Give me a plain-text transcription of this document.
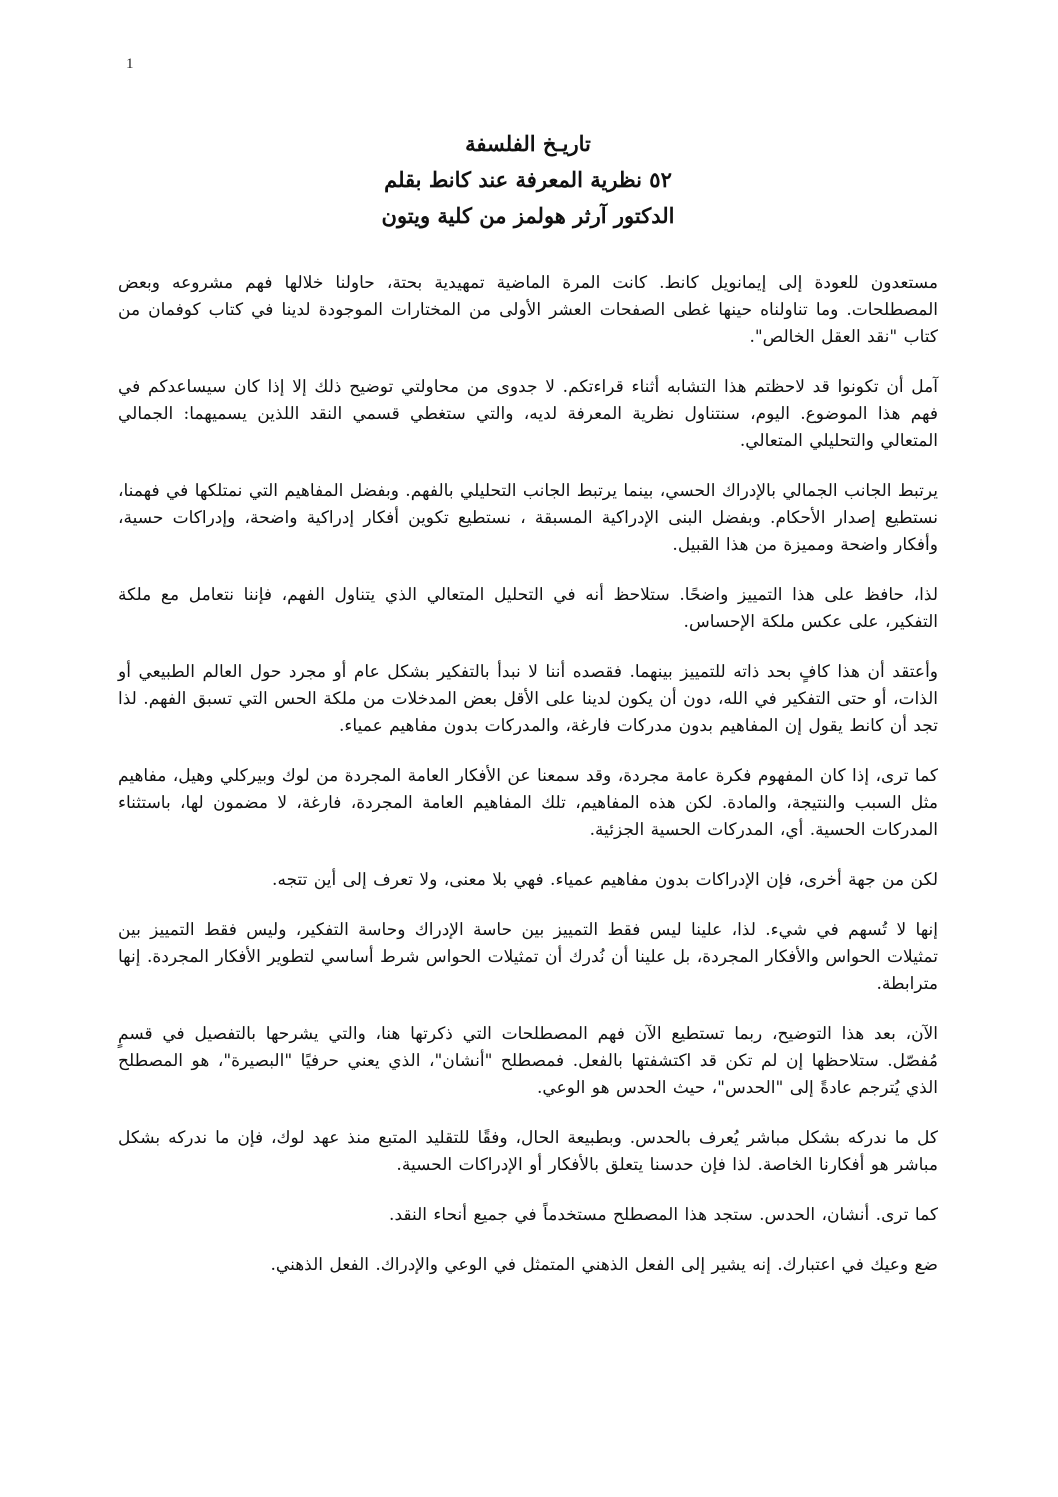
1
تاريـخ الفلسفة
٥٢ نظرية المعرفة عند كانط بقلم
الدكتور آرثر هولمز من كلية ويتون

مستعدون للعودة إلى إيمانويل كانط. كانت المرة الماضية تمهيدية بحتة، حاولنا خلالها فهم مشروعه وبعض المصطلحات. وما تناولناه حينها غطى الصفحات العشر الأولى من المختارات الموجودة لدينا في كتاب كوفمان من كتاب "نقد العقل الخالص".

آمل أن تكونوا قد لاحظتم هذا التشابه أثناء قراءتكم. لا جدوى من محاولتي توضيح ذلك إلا إذا كان سيساعدكم في فهم هذا الموضوع. اليوم، سنتناول نظرية المعرفة لديه، والتي ستغطي قسمي النقد اللذين يسميهما: الجمالي المتعالي والتحليلي المتعالي.

يرتبط الجانب الجمالي بالإدراك الحسي، بينما يرتبط الجانب التحليلي بالفهم. وبفضل المفاهيم التي نمتلكها في فهمنا، نستطيع إصدار الأحكام. وبفضل البنى الإدراكية المسبقة ، نستطيع تكوين أفكار إدراكية واضحة، وإدراكات حسية، وأفكار واضحة ومميزة من هذا القبيل.

لذا، حافظ على هذا التمييز واضحًا. ستلاحظ أنه في التحليل المتعالي الذي يتناول الفهم، فإننا نتعامل مع ملكة التفكير، على عكس ملكة الإحساس.

وأعتقد أن هذا كافٍ بحد ذاته للتمييز بينهما. فقصده أننا لا نبدأ بالتفكير بشكل عام أو مجرد حول العالم الطبيعي أو الذات، أو حتى التفكير في الله، دون أن يكون لدينا على الأقل بعض المدخلات من ملكة الحس التي تسبق الفهم. لذا تجد أن كانط يقول إن المفاهيم بدون مدركات فارغة، والمدركات بدون مفاهيم عمياء.

كما ترى، إذا كان المفهوم فكرة عامة مجردة، وقد سمعنا عن الأفكار العامة المجردة من لوك وبيركلي وهيل، مفاهيم مثل السبب والنتيجة، والمادة. لكن هذه المفاهيم، تلك المفاهيم العامة المجردة، فارغة، لا مضمون لها، باستثناء المدركات الحسية. أي، المدركات الحسية الجزئية.

لكن من جهة أخرى، فإن الإدراكات بدون مفاهيم عمياء. فهي بلا معنى، ولا تعرف إلى أين تتجه.

إنها لا تُسهم في شيء. لذا، علينا ليس فقط التمييز بين حاسة الإدراك وحاسة التفكير، وليس فقط التمييز بين تمثيلات الحواس والأفكار المجردة، بل علينا أن نُدرك أن تمثيلات الحواس شرط أساسي لتطوير الأفكار المجردة. إنها مترابطة.

الآن، بعد هذا التوضيح، ربما تستطيع الآن فهم المصطلحات التي ذكرتها هنا، والتي يشرحها بالتفصيل في قسمٍ مُفصّل. ستلاحظها إن لم تكن قد اكتشفتها بالفعل. فمصطلح "أنشان"، الذي يعني حرفيًا "البصيرة"، هو المصطلح الذي يُترجم عادةً إلى "الحدس"، حيث الحدس هو الوعي.

كل ما ندركه بشكل مباشر يُعرف بالحدس. وبطبيعة الحال، وفقًا للتقليد المتبع منذ عهد لوك، فإن ما ندركه بشكل مباشر هو أفكارنا الخاصة. لذا فإن حدسنا يتعلق بالأفكار أو الإدراكات الحسية.

كما ترى. أنشان، الحدس. ستجد هذا المصطلح مستخدماً في جميع أنحاء النقد.

ضع وعيك في اعتبارك. إنه يشير إلى الفعل الذهني المتمثل في الوعي والإدراك. الفعل الذهني.
